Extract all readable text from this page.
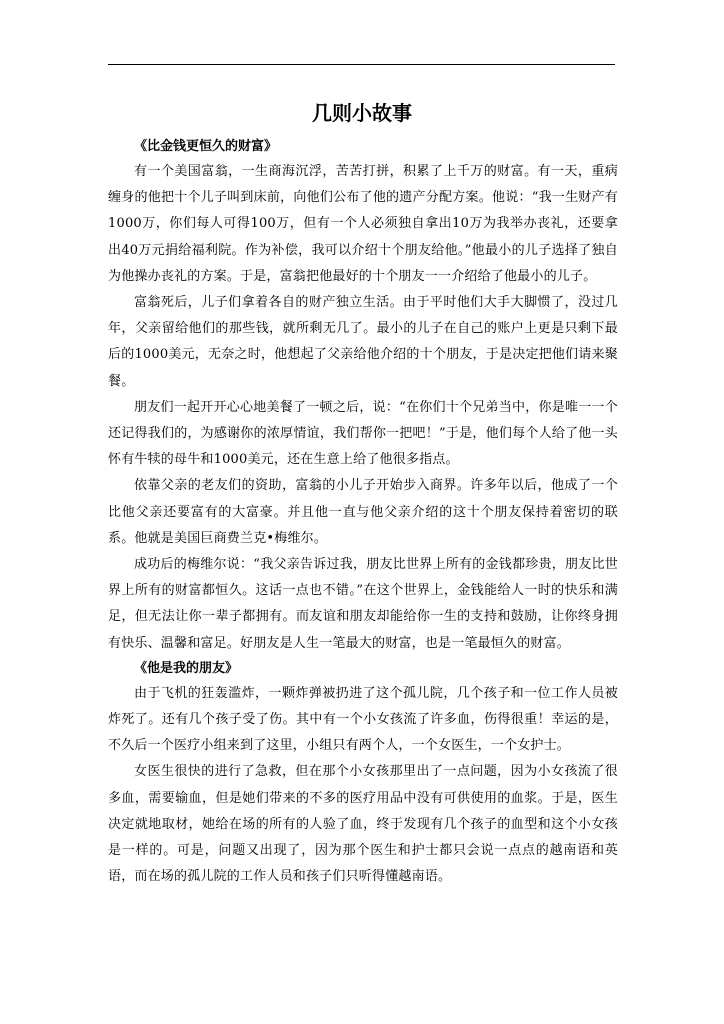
几则小故事

《比金钱更恒久的财富》

有一个美国富翁，一生商海沉浮，苦苦打拼，积累了上千万的财富。有一天，重病缠身的他把十个儿子叫到床前，向他们公布了他的遗产分配方案。他说：“我一生财产有1000万，你们每人可得100万，但有一个人必须独自拿出10万为我举办丧礼，还要拿出40万元捐给福利院。作为补偿，我可以介绍十个朋友给他。”他最小的儿子选择了独自为他操办丧礼的方案。于是，富翁把他最好的十个朋友一一介绍给了他最小的儿子。

富翁死后，儿子们拿着各自的财产独立生活。由于平时他们大手大脚惯了，没过几年，父亲留给他们的那些钱，就所剩无几了。最小的儿子在自己的账户上更是只剩下最后的1000美元，无奈之时，他想起了父亲给他介绍的十个朋友，于是决定把他们请来聚餐。

朋友们一起开开心心地美餐了一顿之后，说：“在你们十个兄弟当中，你是唯一一个还记得我们的，为感谢你的浓厚情谊，我们帮你一把吧！”于是，他们每个人给了他一头怀有牛犊的母牛和1000美元，还在生意上给了他很多指点。

依靠父亲的老友们的资助，富翁的小儿子开始步入商界。许多年以后，他成了一个比他父亲还要富有的大富豪。并且他一直与他父亲介绍的这十个朋友保持着密切的联系。他就是美国巨商费兰克•梅维尔。

成功后的梅维尔说：“我父亲告诉过我，朋友比世界上所有的金钱都珍贵，朋友比世界上所有的财富都恒久。这话一点也不错。”在这个世界上，金钱能给人一时的快乐和满足，但无法让你一辈子都拥有。而友谊和朋友却能给你一生的支持和鼓励，让你终身拥有快乐、温馨和富足。好朋友是人生一笔最大的财富，也是一笔最恒久的财富。

《他是我的朋友》

由于飞机的狂轰滥炸，一颗炸弹被扔进了这个孤儿院，几个孩子和一位工作人员被炸死了。还有几个孩子受了伤。其中有一个小女孩流了许多血，伤得很重！幸运的是，不久后一个医疗小组来到了这里，小组只有两个人，一个女医生，一个女护士。

女医生很快的进行了急救，但在那个小女孩那里出了一点问题，因为小女孩流了很多血，需要输血，但是她们带来的不多的医疗用品中没有可供使用的血浆。于是，医生决定就地取材，她给在场的所有的人验了血，终于发现有几个孩子的血型和这个小女孩是一样的。可是，问题又出现了，因为那个医生和护士都只会说一点点的越南语和英语，而在场的孤儿院的工作人员和孩子们只听得懂越南语。
